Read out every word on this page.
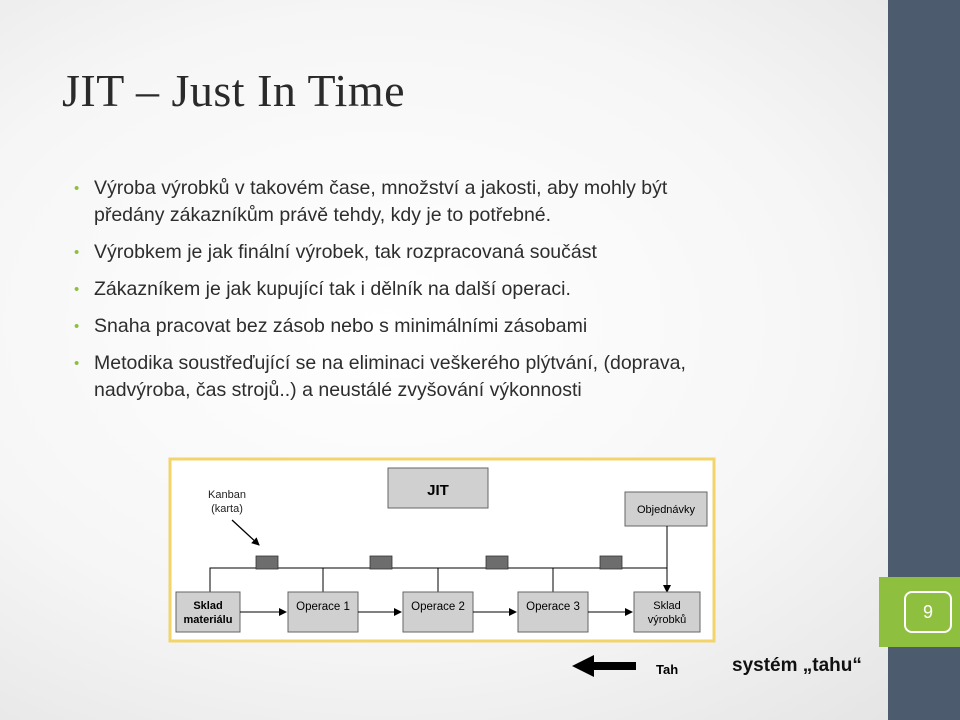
9
JIT – Just In Time
• Výroba výrobků v takovém čase, množství a jakosti, aby mohly být
předány zákazníkům právě tehdy, kdy je to potřebné.
• Výrobkem je jak finální výrobek, tak rozpracovaná součást
• Zákazníkem je jak kupující tak i dělník na další operaci.
• Snaha pracovat bez zásob nebo s minimálními zásobami
• Metodika soustřeďující se na eliminaci veškerého plýtvání, (doprava,
nadvýroba, čas strojů..) a neustálé zvyšování výkonnosti
JIT
Kanban
(karta)	Objednávky
Sklad
materiálu
Operace 1	Operace 2	Operace 3	Sklad
výrobků
Tah	systém „tahu“
